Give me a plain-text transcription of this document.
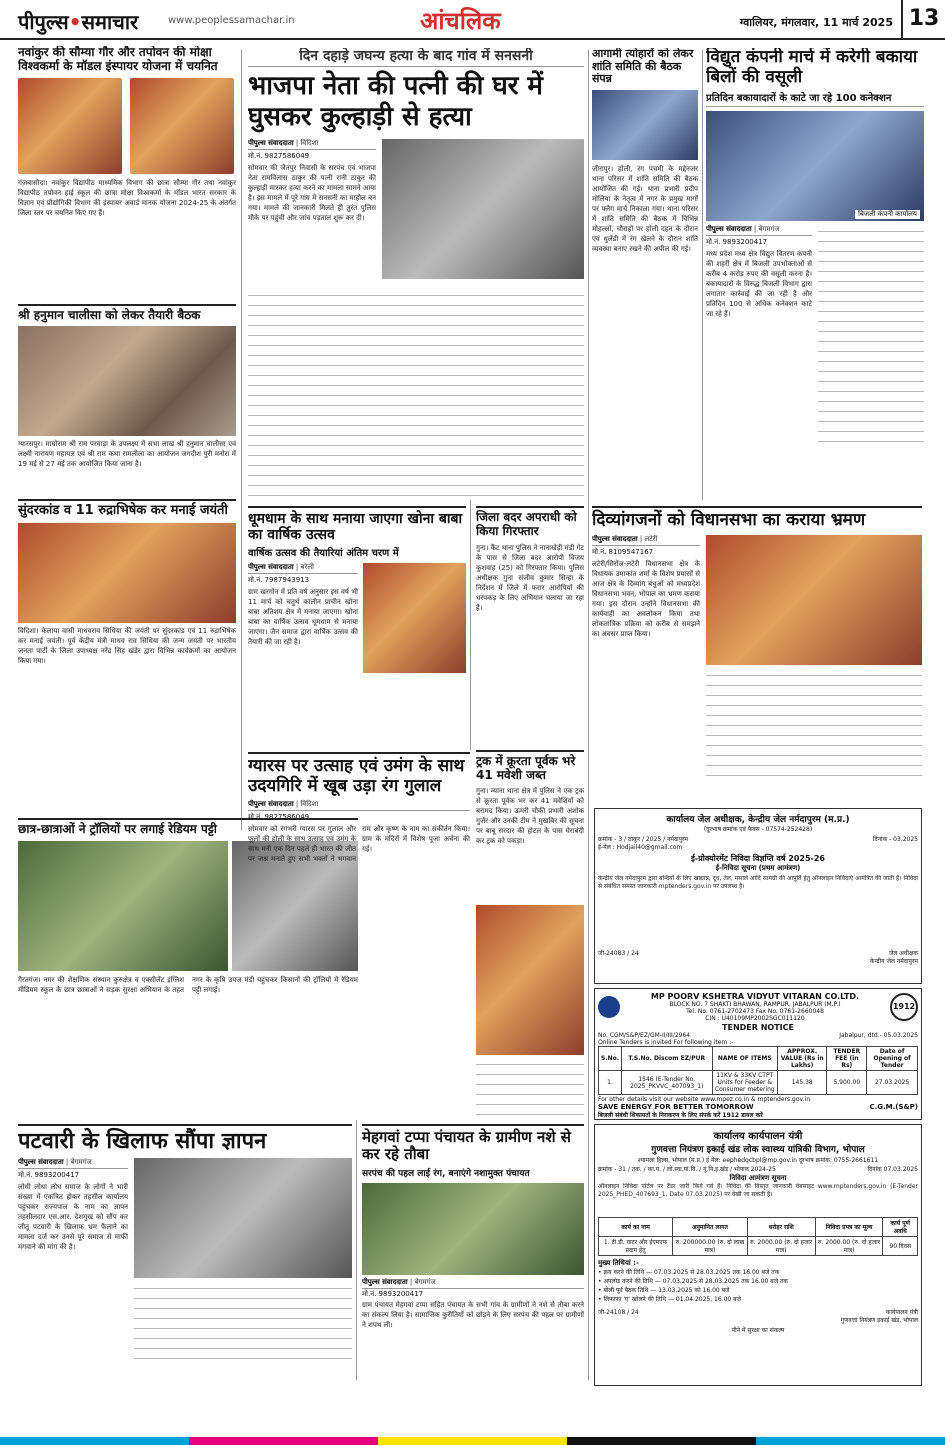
पीपुल्स•समाचार	www.peoplessamachar.in	आंचलिक	ग्वालियर, मंगलवार, 11 मार्च 2025 13
नवांकुर की सौम्या गौर और तपोवन की मोक्षा विश्वकर्मा के मॉडल इंस्पायर योजना में चयनित
गंजबासौदा। नवांकुर विद्यापीठ माध्यमिक विभाग की छात्रा सौम्या गौर तथा नवांकुर विद्यापीठ तपोवन हाई स्कूल की छात्रा मोक्षा विश्वकर्मा के मॉडल भारत सरकार के विज्ञान एवं प्रौद्योगिकी विभाग की इंस्पायर अवार्ड मानक योजना 2024-25 के अंतर्गत जिला स्तर पर चयनित किए गए हैं।
श्री हनुमान चालीसा को लेकर तैयारी बैठक
ग्यारसपुर। माघोराम श्री राम परवाड़ा के उपलक्ष्य में सभा लाख श्री हनुमान चालीसा एवं लक्ष्मी नारायण महायज्ञ एवं श्री राम कथा रामलीला का आयोजन जगदीश पुरी मनोरा में 19 मई से 27 मई तक आयोजित किया जाना है।
सुंदरकांड व 11 रुद्राभिषेक कर मनाई जयंती
विदिशा। केलाया वासी माधवराव सिंधिया की जयंती पर सुंदरकांड एवं 11 रुद्राभिषेक कर मनाई जयंती। पूर्व केंद्रीय मंत्री माधव राव सिंधिया की जन्म जयंती पर भारतीय जनता पार्टी के जिला उपाध्यक्ष नरेंद्र सिंह खंडेर द्वारा विभिन्न कार्यक्रमों का आयोजन किया गया।
छात्र-छात्राओं ने ट्रॉलियों पर लगाई रेडियम पट्टी
गैरतगंज। नगर की शैक्षणिक संस्थान कुरुक्षेत्र व एक्सीलेंट इंग्लिश मीडियम स्कूल के छात्र छात्राओं ने सड़क सुरक्षा अभियान के तहत नगर के कृषि उपज मंडी पहुंचकर किसानों की ट्रॉलियों में रेडियम पट्टी लगाई।
दिन दहाड़े जघन्य हत्या के बाद गांव में सनसनी
भाजपा नेता की पत्नी की घर में घुसकर कुल्हाड़ी से हत्या
पीपुल्स संवाददाता | विदिशा
मो.नं. 9827586049
सोमवार की जैतपुर निवासी के सरपंच एवं भाजपा नेता रामविलास ठाकुर की पत्नी रानी ठाकुर की कुल्हाड़ी मारकर हत्या करने का मामला सामने आया है। इस मामले में पूरे गांव में सनसनी का माहौल बन गया। मामले की जानकारी मिलते ही तुरंत पुलिस मौके पर पहुंची और जांच पड़ताल शुरू कर दी।
आगामी त्योहारों को लेकर शांति समिति की बैठक संपन्न
जीरापुर। होली, रंग पंचमी के मद्देनजर थाना परिसर में शांति समिति की बैठक आयोजित की गई। थाना प्रभारी प्रदीप मोलिया के नेतृत्व में नगर के प्रमुख मार्गों पर फ्लैग मार्च निकाला गया। थाना परिसर में शांति समिति की बैठक में विभिन्न मोहल्लों, चौराहों पर होली दहन के दौरान एवं धुलेंडी में रंग खेलने के दौरान शांति व्यवस्था बनाए रखने की अपील की गई।
विद्युत कंपनी मार्च में करेगी बकाया बिलों की वसूली
प्रतिदिन बकायादारों के काटे जा रहे 100 कनेक्शन
बिजली कंपनी कार्यालय
पीपुल्स संवाददाता | बेगमगंज
मो.नं. 9893200417
मध्य प्रदेश मध्य क्षेत्र विद्युत वितरण कंपनी की शहरी क्षेत्र में बिजली उपभोक्ताओं से करीब 4 करोड़ रुपए की वसूली करना है। बकायादारों के विरुद्ध बिजली विभाग द्वारा लगातार कार्रवाई की जा रही है और प्रतिदिन 100 से अधिक कनेक्शन काटे जा रहे हैं।
धूमधाम के साथ मनाया जाएगा खोना बाबा का वार्षिक उत्सव
वार्षिक उत्सव की तैयारियां अंतिम चरण में
पीपुल्स संवाददाता | बरेली
मो.नं. 7987943913
ग्राम खरगोन में प्रति वर्ष अनुसार इस वर्ष भी 11 मार्च को चतुर्थ कालीन प्राचीन खोना बाबा अतिशय क्षेत्र में मनाया जाएगा। खोना बाबा का वार्षिक उत्सव धूमधाम से मनाया जाएगा। जैन समाज द्वारा वार्षिक उत्सव की तैयारी की जा रही है।
जिला बदर अपराधी को किया गिरफ्तार
गुना। कैंट थाना पुलिस ने नानाखेड़ी मंडी गेट के पास से जिला बदर आरोपी विजय कुशवाह (25) को गिरफ्तार किया। पुलिस अधीक्षक गुना संजीव कुमार सिन्हा के निर्देशन में जिले में फरार आरोपियों की धरपकड़ के लिए अभियान चलाया जा रहा है।
ट्रक में क्रूरता पूर्वक भरे 41 मवेशी जब्त
गुना। म्याना थाना क्षेत्र में पुलिस ने एक ट्रक से क्रूरता पूर्वक भर कर 41 मवेशियों को बरामद किया। ऊमरी चौकी प्रभारी अशोक गुर्जर और उनकी टीम ने मुखबिर की सूचना पर बाबू सरदार की होटल के पास घेराबंदी कर ट्रक को पकड़ा।
दिव्यांगजनों को विधानसभा का कराया भ्रमण
पीपुल्स संवाददाता | लटेरी
मो.नं. 8109547167
लटेरी/सिरोंज-लटेरी विधानसभा क्षेत्र के विधायक उमाकांत शर्मा के विशेष प्रयासों से आज क्षेत्र के दिव्यांग बंधुओं को मध्यप्रदेश विधानसभा भवन, भोपाल का भ्रमण कराया गया। इस दौरान उन्होंने विधानसभा की कार्यवाही का अवलोकन किया तथा लोकतांत्रिक प्रक्रिया को करीब से समझने का अवसर प्राप्त किया।
कार्यालय जेल अधीक्षक, केन्द्रीय जेल नर्मदापुरम (म.प्र.)
(दूरभाष क्रमांक एवं फैक्स - 07574-252428)
क्रमांक - 3 / ठाकुर / 2025 / नर्मदापुरम	दिनांक - 03.2025
ई-मेल : Hodjail40@gmail.com
ई-प्रोक्योरमेंट निविदा विज्ञप्ति वर्ष 2025-26
ई-निविदा सूचना (प्रथम आमंत्रण)
केन्द्रीय जेल नर्मदापुरम द्वारा बन्दियों के लिए खाद्यान्न, दूध, तेल, मसाले आदि सामग्री की आपूर्ति हेतु ऑनलाइन निविदाएं आमंत्रित की जाती हैं। निविदा से संबंधित समस्त जानकारी mptenders.gov.in पर उपलब्ध है।
जी-24083 / 24	जेल अधीक्षक
केन्द्रीय जेल नर्मदापुरम
MP POORV KSHETRA VIDYUT VITARAN CO.LTD.
BLOCK NO. 7 SHAKTI BHAWAN, RAMPUR, JABALPUR (M.P.)
Tel. No. 0761-2702473 Fax No. 0761-2660048
CIN : U40109MP2002SGC011120
1912
TENDER NOTICE
No. CGM/S&P/EZ/GM-II/III/2964	Jabalpur, dtd.- 05.03.2025
Online Tenders is invited For following item :-
S.No.	T.S.No. Discom EZ/PUR	NAME OF ITEMS	APPROX. VALUE (Rs in Lakhs)	TENDER FEE (in Rs)	Date of Opening of Tender
1.	1546 (E-Tender No. 2025_PKVVC_407093_1)	11KV & 33KV CTPT Units for Feeder & Consumer metering	145.38	5,900.00	27.03.2025
For other details visit our website www.mpez.co.in & mptenders.gov.in
SAVE ENERGY FOR BETTER TOMORROW	C.G.M.(S&P)
बिजली संबंधी शिकायतों के निराकरण के लिए संपर्क करें 1912 डायल करें
ग्यारस पर उत्साह एवं उमंग के साथ उदयगिरि में खूब उड़ा रंग गुलाल
पीपुल्स संवाददाता | विदिशा
मो.नं. 9827586049
सोमवार को रंगभरी ग्यारस पर गुलाल और फूलों की होली के साथ उत्साह एवं उमंग के साथ मनी एक दिन पहले ही भारत की जीत पर जश्न मनाते हुए सभी भक्तों ने भगवान राम और कृष्ण के नाम का संकीर्तन किया। ग्राम के मंदिरों में विशेष पूजा अर्चना की गई।
पटवारी के खिलाफ सौंपा ज्ञापन
पीपुल्स संवाददाता | बेगमगंज
मो.नं. 9893200417
लोधी लोधा लोध समाज के लोगों ने भारी संख्या में एकत्रित होकर तहसील कार्यालय पहुंचकर राज्यपाल के नाम का ज्ञापन तहसीलदार एस.आर. देशमुख को सौंप कर जीतू पटवारी के खिलाफ भ्रम फैलाने का मामला दर्ज कर उनसे पूरे समाज से माफी मंगवाने की मांग की है।
मेहगवां टप्पा पंचायत के ग्रामीण नशे से कर रहे तौबा
सरपंच की पहल लाई रंग, बनाएंगे नशामुक्त पंचायत
पीपुल्स संवाददाता | बेगमगंज
मो.नं. 9893200417
ग्राम पंचायत मेहगवां टप्पा सहित पंचायत के सभी गांव के ग्रामीणों ने नशे से तौबा करने का संकल्प लिया है। सामाजिक कुरीतियों को छोड़ने के लिए सरपंच की पहल पर ग्रामीणों ने शपथ ली।
कार्यालय कार्यपालन यंत्री
गुणवत्ता नियंत्रण इकाई खंड लोक स्वास्थ्य यांत्रिकी विभाग, भोपाल
श्यामला हिल्स, भोपाल (म.प्र.) ई मेल: eephedqcbpl@mp.gov.in दूरभाष क्रमांक: 0755-2661611
क्रमांक - 31 / तक. / का.य. / लो.स्वा.यां.वि. / गु.नि.इ.खंड / भोपाल 2024-25	दिनांक 07.03.2025
निविदा आमंत्रण सूचना
ऑनलाइन निविदा पोर्टल पर टैंडर जारी किये गये हैं। निविदा की विस्तृत जानकारी वेबसाइट www.mptenders.gov.in (E-Tender 2025_PHED_407693_1, Date 07.03.2025) पर देखी जा सकती है।
कार्य का नाम	अनुमानित लागत	धरोहर राशि	निविदा प्रपत्र का मूल्य	कार्य पूर्ण अवधि
1. टी.डी. वाटर और ईएमएफ प्रदाय हेतु	रु. 200000.00 (रु. दो लाख मात्र)	रु. 2000.00 (रु. दो हजार मात्र)	रु. 2000.00 (रु. दो हजार मात्र)	90 दिवस
मुख्य तिथियां :-
• क्रय करने की तिथि — 07.03.2025 से 28.03.2025 तक 16.00 बजे तक
• अपलोड करने की तिथि — 07.03.2025 से 28.03.2025 तक 16.00 बजे तक
• बोली पूर्व बैठक तिथि — 13.03.2025 को 16.00 बजे
• लिफाफा 'ए' खोलने की तिथि — 01.04.2025, 16.00 बजे
जी-24108 / 24	कार्यपालन यंत्री
गुणवत्ता नियंत्रण इकाई खंड, भोपाल
पीने में सुरक्षा का संकल्प
